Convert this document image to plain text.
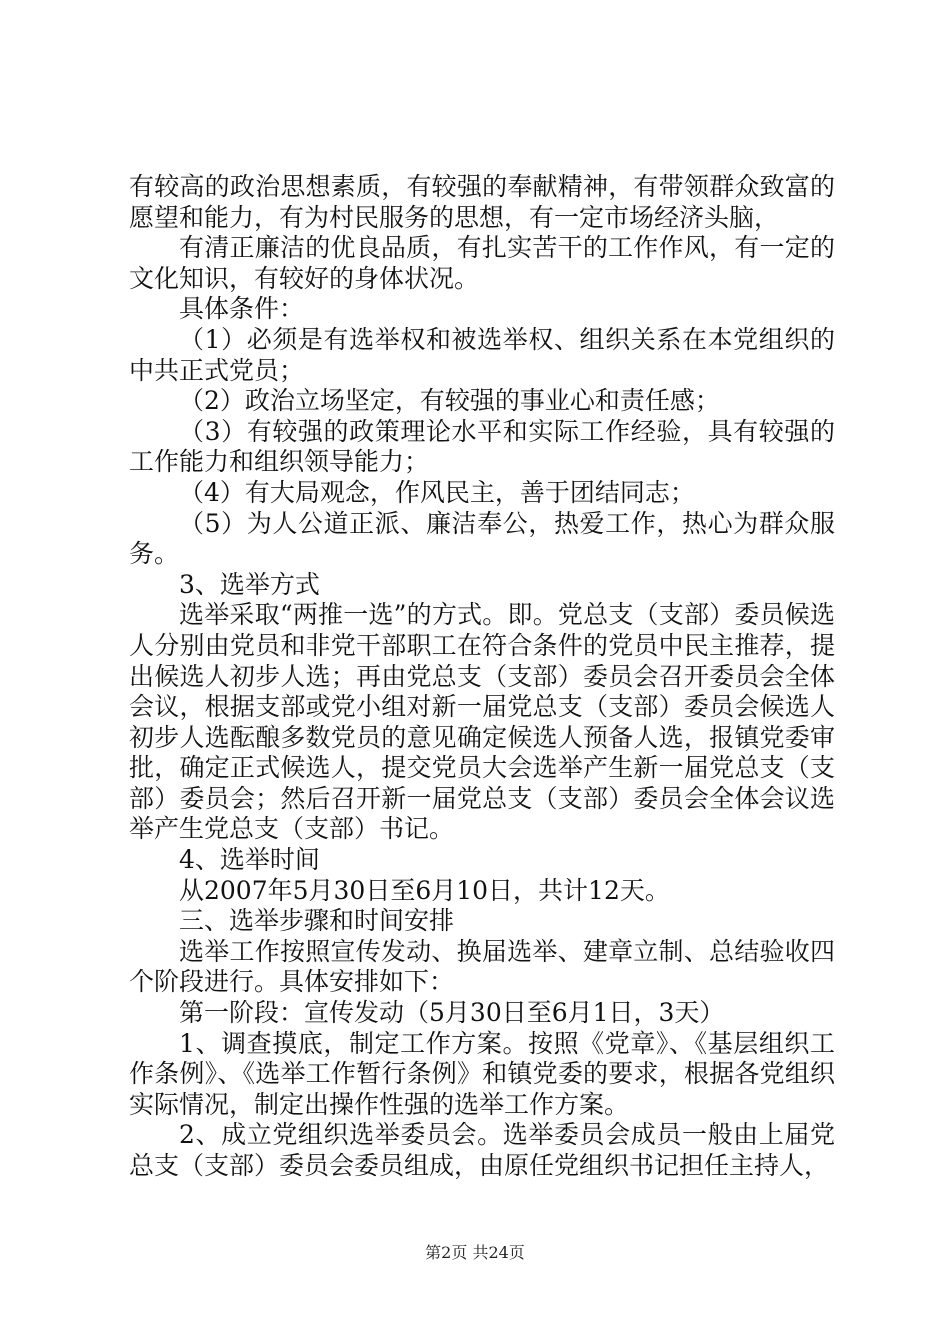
有较高的政治思想素质，有较强的奉献精神，有带领群众致富的愿望和能力，有为村民服务的思想，有一定市场经济头脑，

有清正廉洁的优良品质，有扎实苦干的工作作风，有一定的文化知识，有较好的身体状况。

具体条件：

（1）必须是有选举权和被选举权、组织关系在本党组织的中共正式党员；

（2）政治立场坚定，有较强的事业心和责任感；

（3）有较强的政策理论水平和实际工作经验，具有较强的工作能力和组织领导能力；

（4）有大局观念，作风民主，善于团结同志；

（5）为人公道正派、廉洁奉公，热爱工作，热心为群众服务。

3、选举方式

选举采取“两推一选”的方式。即。党总支（支部）委员候选人分别由党员和非党干部职工在符合条件的党员中民主推荐，提出候选人初步人选；再由党总支（支部）委员会召开委员会全体会议，根据支部或党小组对新一届党总支（支部）委员会候选人初步人选酝酿多数党员的意见确定候选人预备人选，报镇党委审批，确定正式候选人，提交党员大会选举产生新一届党总支（支部）委员会；然后召开新一届党总支（支部）委员会全体会议选举产生党总支（支部）书记。

4、选举时间

从2007年5月30日至6月10日，共计12天。

三、选举步骤和时间安排

选举工作按照宣传发动、换届选举、建章立制、总结验收四个阶段进行。具体安排如下：

第一阶段：宣传发动（5月30日至6月1日，3天）

1、调查摸底，制定工作方案。按照《党章》、《基层组织工作条例》、《选举工作暂行条例》和镇党委的要求，根据各党组织实际情况，制定出操作性强的选举工作方案。

2、成立党组织选举委员会。选举委员会成员一般由上届党总支（支部）委员会委员组成，由原任党组织书记担任主持人，

第2页 共24页
